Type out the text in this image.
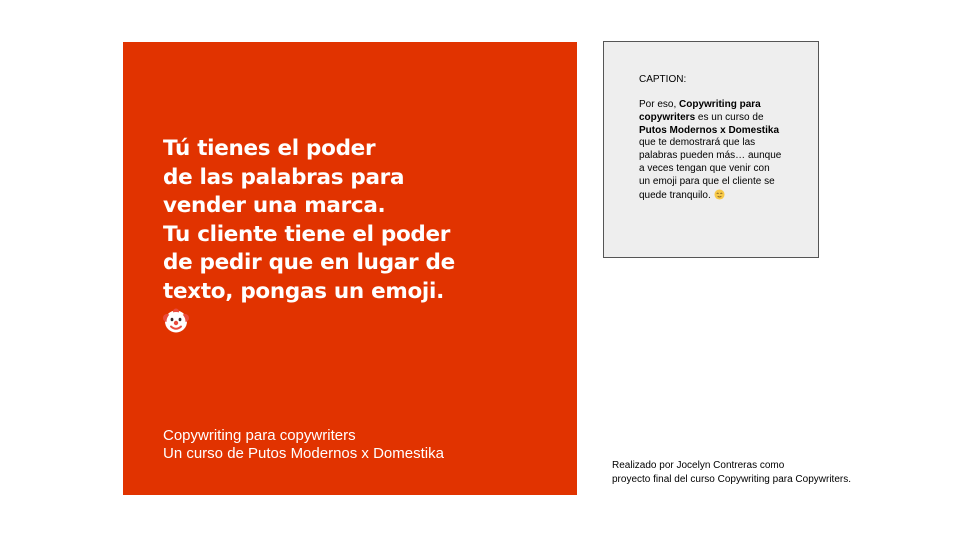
Tú tienes el poder
de las palabras para
vender una marca.
Tu cliente tiene el poder
de pedir que en lugar de
texto, pongas un emoji.
Copywriting para copywriters
Un curso de Putos Modernos x Domestika

CAPTION:

Por eso, Copywriting para
copywriters es un curso de
Putos Modernos x Domestika
que te demostrará que las
palabras pueden más… aunque
a veces tengan que venir con
un emoji para que el cliente se
quede tranquilo.

Realizado por Jocelyn Contreras como
proyecto final del curso Copywriting para Copywriters.
